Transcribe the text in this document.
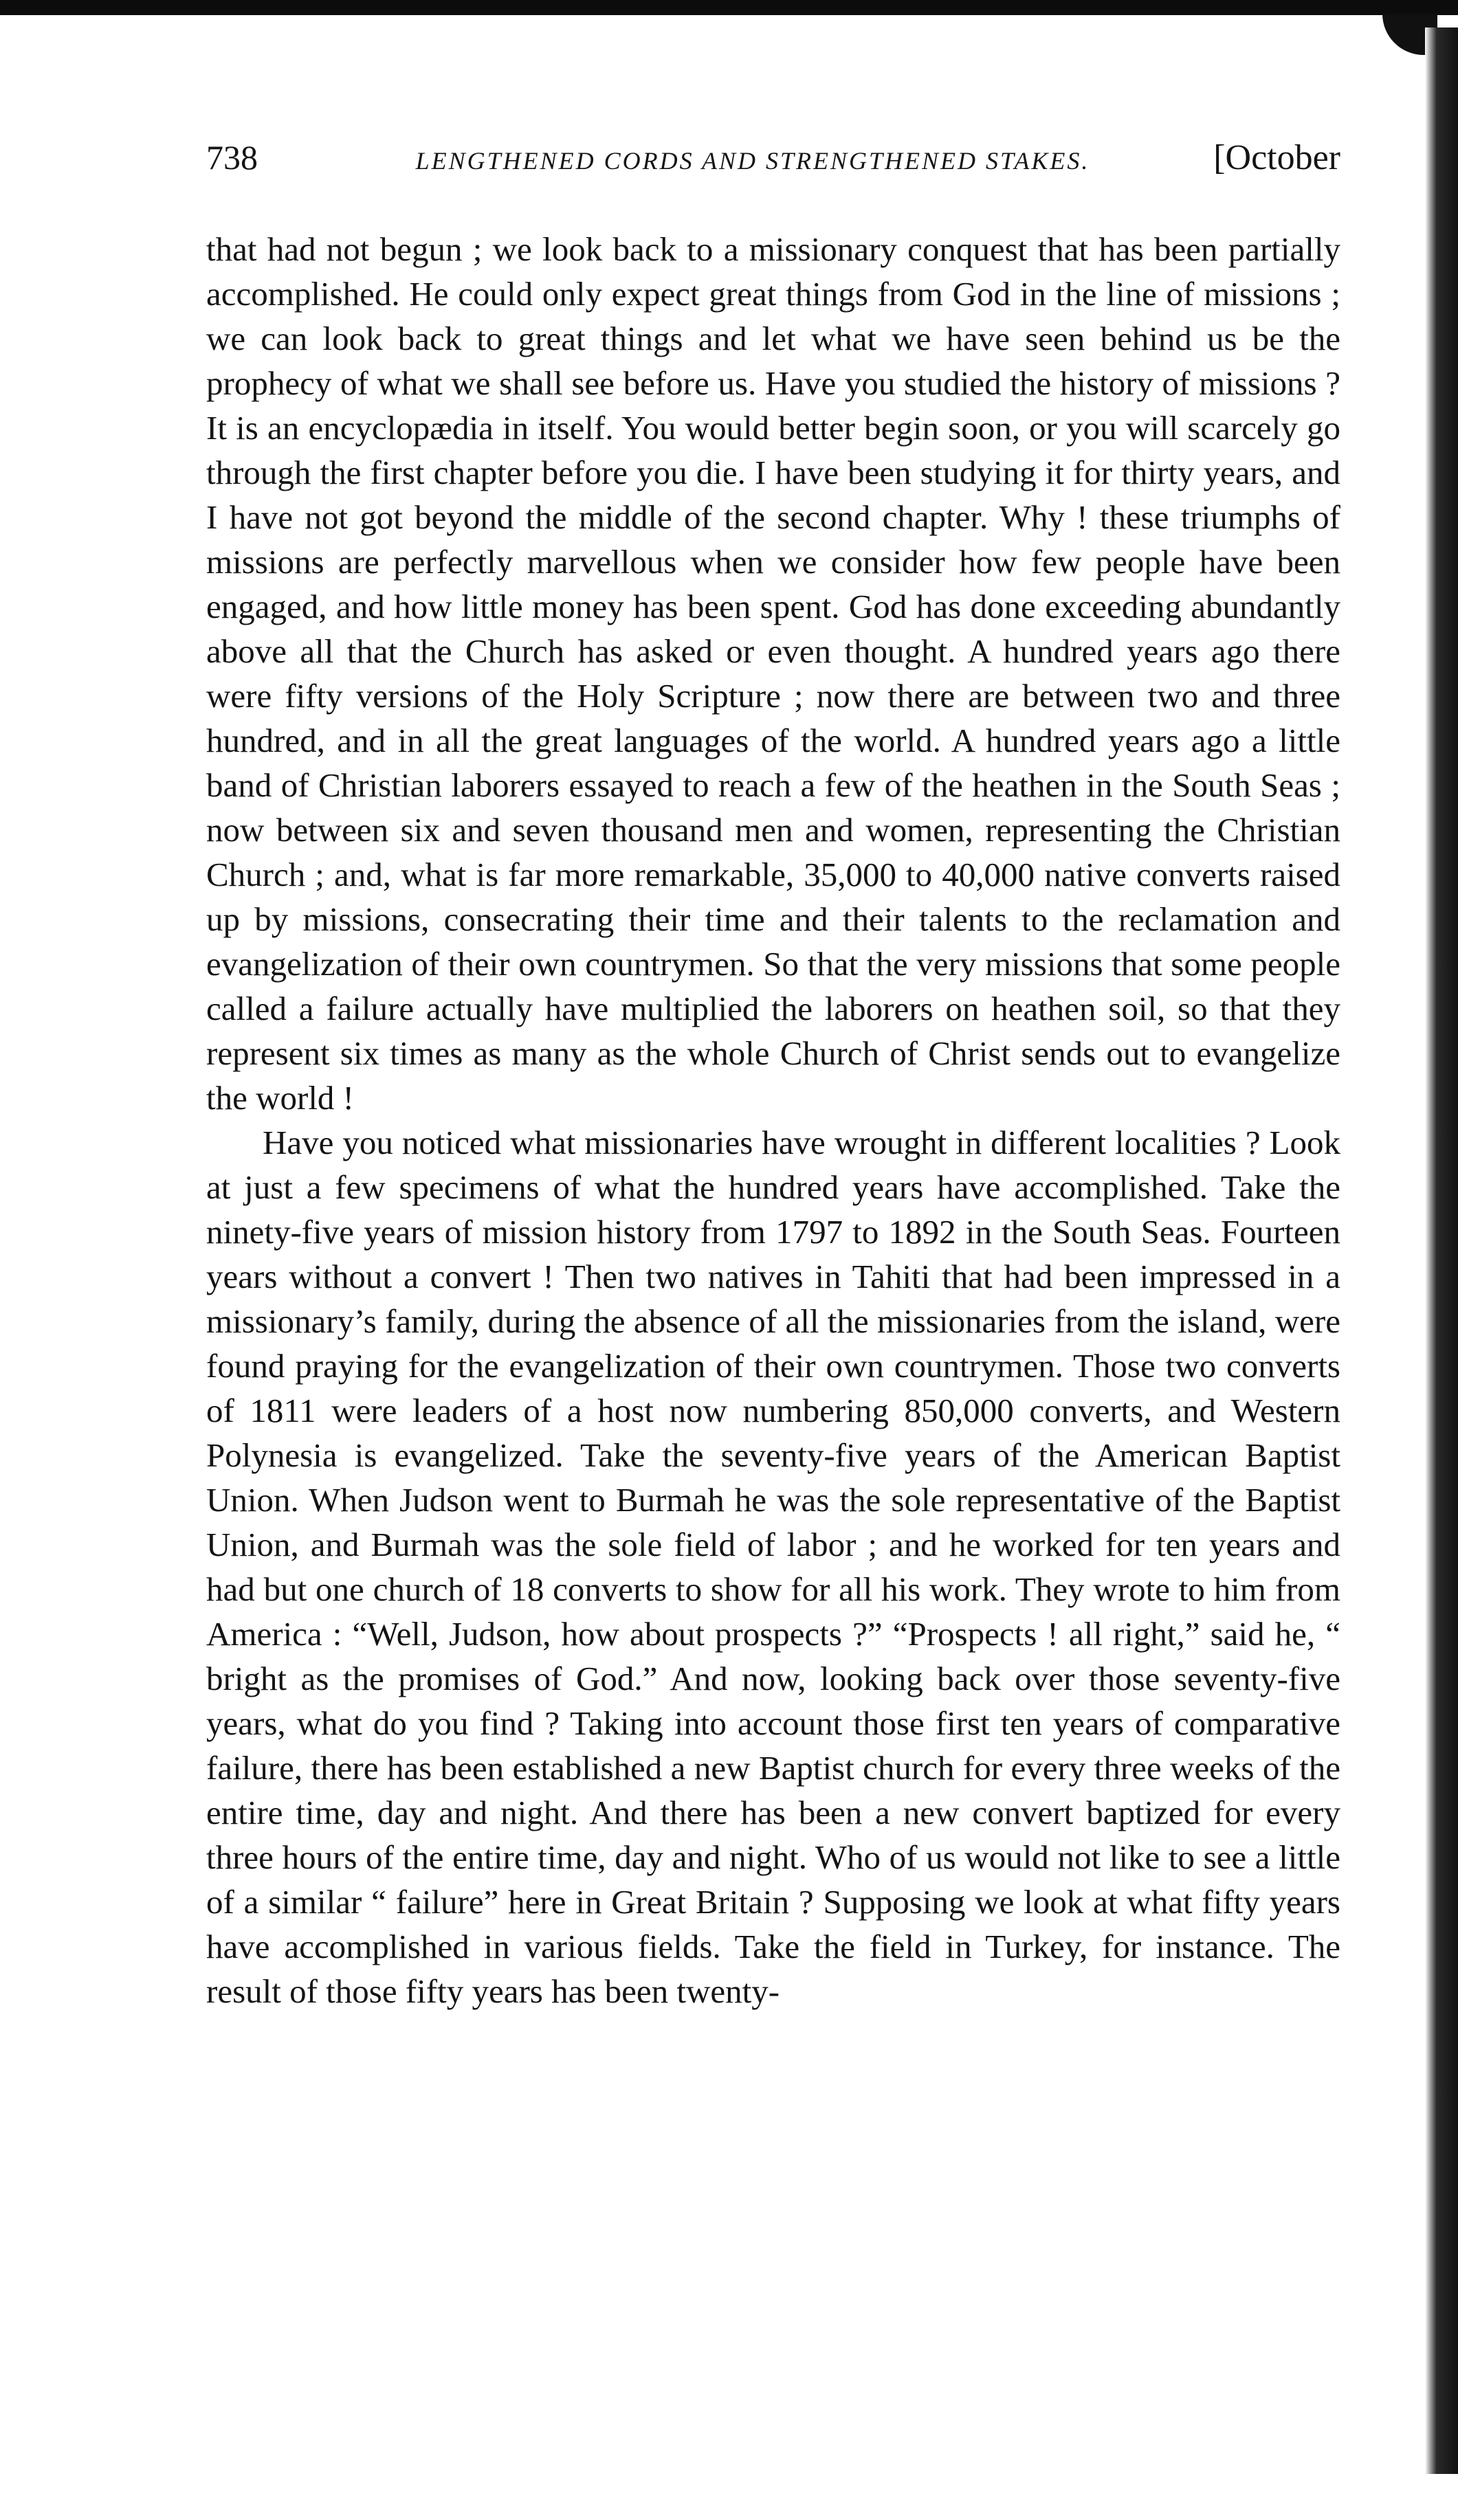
738	LENGTHENED CORDS AND STRENGTHENED STAKES.	[October

that had not begun ; we look back to a missionary conquest that has been partially accomplished. He could only expect great things from God in the line of missions ; we can look back to great things and let what we have seen behind us be the prophecy of what we shall see before us. Have you studied the history of missions ? It is an encyclopædia in itself. You would better begin soon, or you will scarcely go through the first chapter before you die. I have been studying it for thirty years, and I have not got beyond the middle of the second chapter. Why ! these triumphs of missions are perfectly marvellous when we consider how few people have been engaged, and how little money has been spent. God has done exceeding abundantly above all that the Church has asked or even thought. A hundred years ago there were fifty versions of the Holy Scripture ; now there are between two and three hundred, and in all the great languages of the world. A hundred years ago a little band of Christian laborers essayed to reach a few of the heathen in the South Seas ; now between six and seven thousand men and women, representing the Christian Church ; and, what is far more remarkable, 35,000 to 40,000 native converts raised up by missions, consecrating their time and their talents to the reclamation and evangelization of their own countrymen. So that the very missions that some people called a failure actually have multiplied the laborers on heathen soil, so that they represent six times as many as the whole Church of Christ sends out to evangelize the world !

Have you noticed what missionaries have wrought in different localities ? Look at just a few specimens of what the hundred years have accomplished. Take the ninety-five years of mission history from 1797 to 1892 in the South Seas. Fourteen years without a convert ! Then two natives in Tahiti that had been impressed in a missionary’s family, during the absence of all the missionaries from the island, were found praying for the evangelization of their own countrymen. Those two converts of 1811 were leaders of a host now numbering 850,000 converts, and Western Polynesia is evangelized. Take the seventy-five years of the American Baptist Union. When Judson went to Burmah he was the sole representative of the Baptist Union, and Burmah was the sole field of labor ; and he worked for ten years and had but one church of 18 converts to show for all his work. They wrote to him from America : “Well, Judson, how about prospects ?” “Prospects ! all right,” said he, “ bright as the promises of God.” And now, looking back over those seventy-five years, what do you find ? Taking into account those first ten years of comparative failure, there has been established a new Baptist church for every three weeks of the entire time, day and night. And there has been a new convert baptized for every three hours of the entire time, day and night. Who of us would not like to see a little of a similar “ failure” here in Great Britain ? Supposing we look at what fifty years have accomplished in various fields. Take the field in Turkey, for instance. The result of those fifty years has been twenty-
